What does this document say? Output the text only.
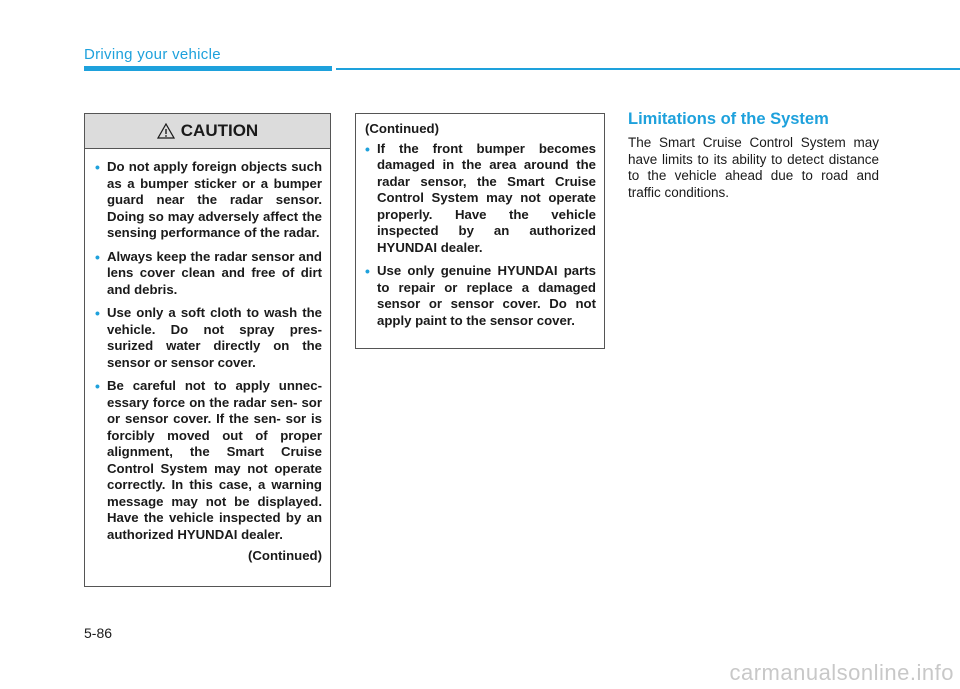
Driving your vehicle
CAUTION
• Do not apply foreign objects such as a bumper sticker or a bumper guard near the radar sensor. Doing so may adversely affect the sensing performance of the radar.
• Always keep the radar sensor and lens cover clean and free of dirt and debris.
• Use only a soft cloth to wash the vehicle. Do not spray pres- surized water directly on the sensor or sensor cover.
• Be careful not to apply unnec- essary force on the radar sen- sor or sensor cover. If the sen- sor is forcibly moved out of proper alignment, the Smart Cruise Control System may not operate correctly. In this case, a warning message may not be displayed. Have the vehicle inspected by an authorized HYUNDAI dealer.
(Continued)
(Continued)
• If the front bumper becomes damaged in the area around the radar sensor, the Smart Cruise Control System may not operate properly. Have the vehicle inspected by an authorized HYUNDAI dealer.
• Use only genuine HYUNDAI parts to repair or replace a damaged sensor or sensor cover. Do not apply paint to the sensor cover.
Limitations of the System
The Smart Cruise Control System may have limits to its ability to detect distance to the vehicle ahead due to road and traffic conditions.
5-86
carmanualsonline.info
